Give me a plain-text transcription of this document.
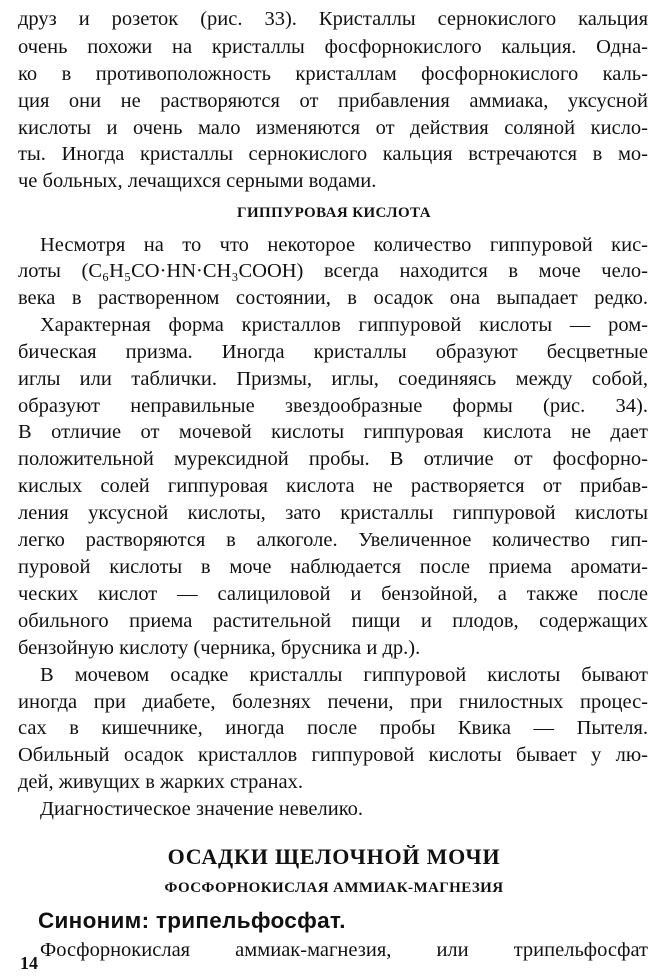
друз и розеток (рис. 33). Кристаллы сернокислого кальция
очень похожи на кристаллы фосфорнокислого кальция. Одна-
ко в противоположность кристаллам фосфорнокислого каль-
ция они не растворяются от прибавления аммиака, уксусной
кислоты и очень мало изменяются от действия соляной кисло-
ты. Иногда кристаллы сернокислого кальция встречаются в мо-
че больных, лечащихся серными водами.
ГИППУРОВАЯ КИСЛОТА
Несмотря на то что некоторое количество гиппуровой кис-
лоты (C₆H₅CO·HN·CH₃COOH) всегда находится в моче чело-
века в растворенном состоянии, в осадок она выпадает редко.
Характерная форма кристаллов гиппуровой кислоты — ром-
бическая призма. Иногда кристаллы образуют бесцветные
иглы или таблички. Призмы, иглы, соединяясь между собой,
образуют неправильные звездообразные формы (рис. 34).
В отличие от мочевой кислоты гиппуровая кислота не дает
положительной мурексидной пробы. В отличие от фосфорно-
кислых солей гиппуровая кислота не растворяется от прибав-
ления уксусной кислоты, зато кристаллы гиппуровой кислоты
легко растворяются в алкоголе. Увеличенное количество гип-
пуровой кислоты в моче наблюдается после приема аромати-
ческих кислот — салициловой и бензойной, а также после
обильного приема растительной пищи и плодов, содержащих
бензойную кислоту (черника, брусника и др.).
В мочевом осадке кристаллы гиппуровой кислоты бывают
иногда при диабете, болезнях печени, при гнилостных процес-
сах в кишечнике, иногда после пробы Квика — Пытеля.
Обильный осадок кристаллов гиппуровой кислоты бывает у лю-
дей, живущих в жарких странах.
Диагностическое значение невелико.
ОСАДКИ ЩЕЛОЧНОЙ МОЧИ
ФОСФОРНОКИСЛАЯ АММИАК-МАГНЕЗИЯ
Синоним: трипельфосфат.
Фосфорнокислая аммиак-магнезия, или трипельфосфат
14
